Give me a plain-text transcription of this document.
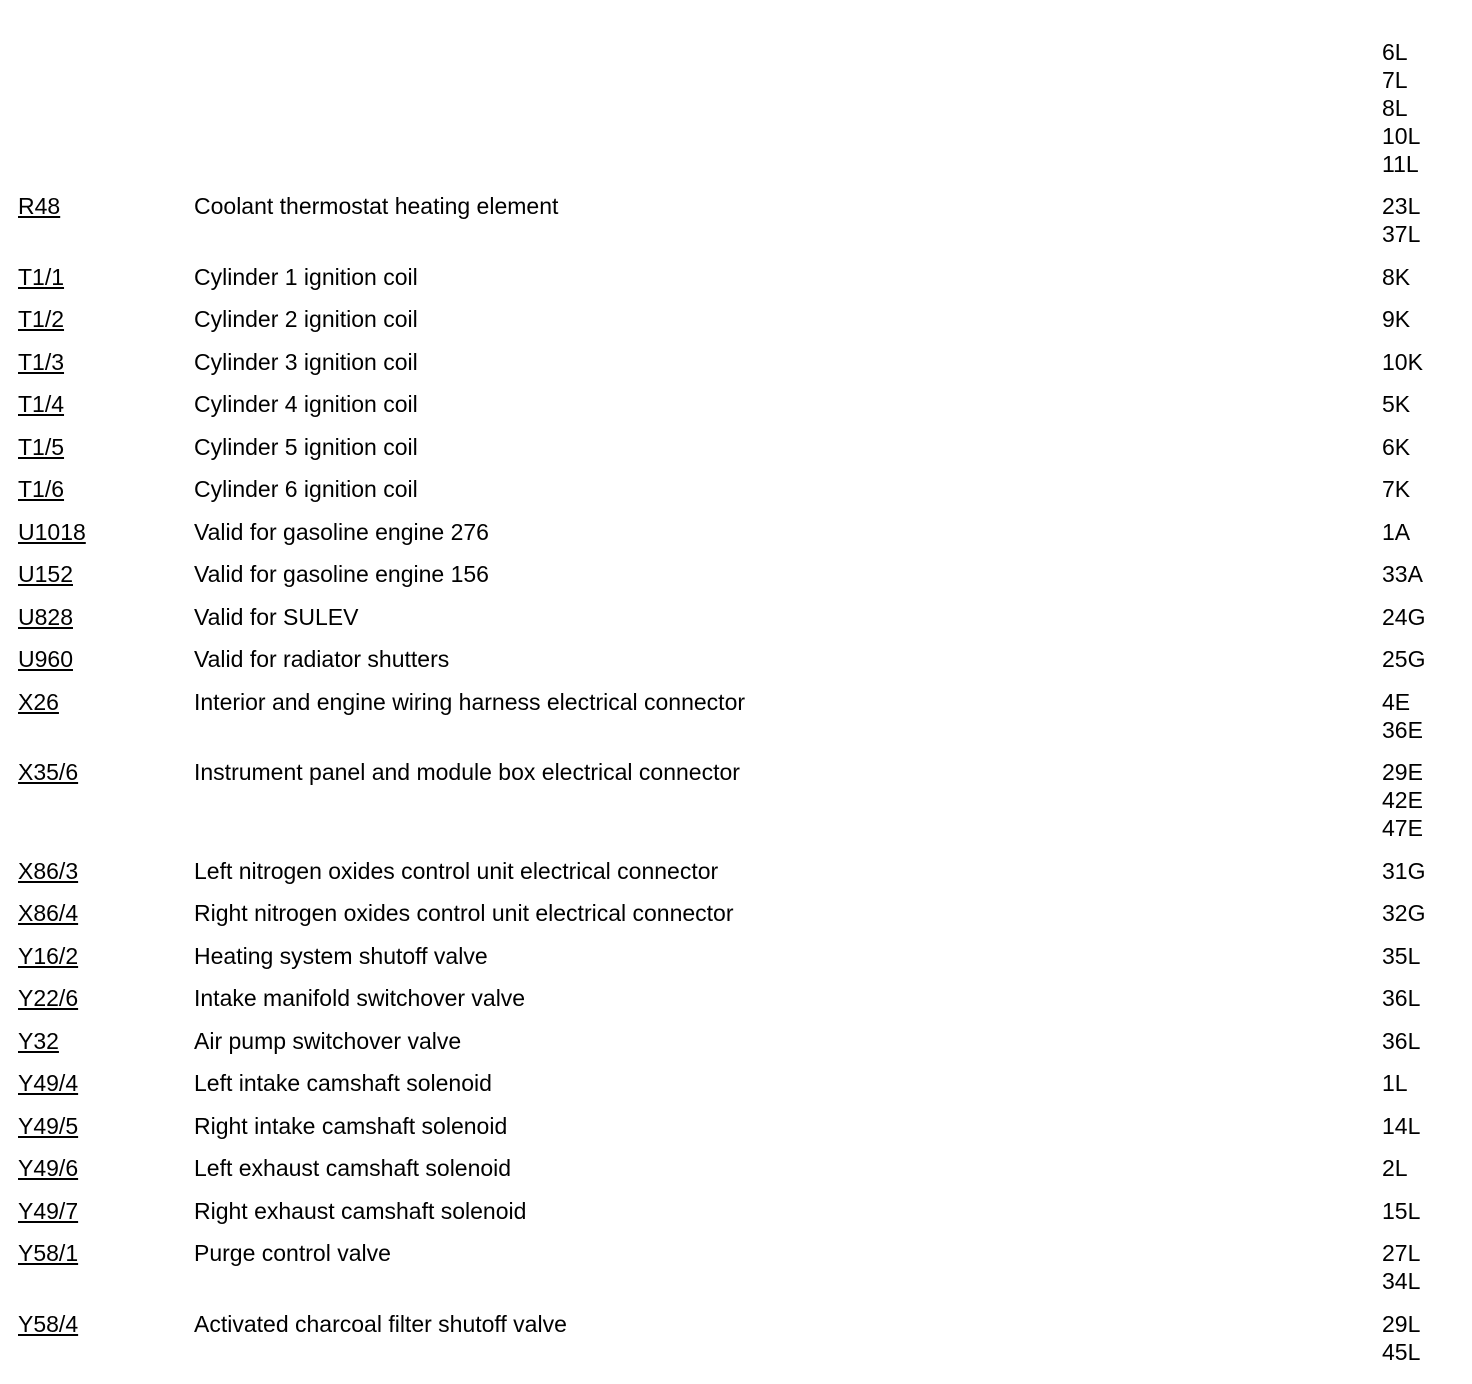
6L
7L
8L
10L
11L
R48	Coolant thermostat heating element	23L
37L
T1/1	Cylinder 1 ignition coil	8K
T1/2	Cylinder 2 ignition coil	9K
T1/3	Cylinder 3 ignition coil	10K
T1/4	Cylinder 4 ignition coil	5K
T1/5	Cylinder 5 ignition coil	6K
T1/6	Cylinder 6 ignition coil	7K
U1018	Valid for gasoline engine 276	1A
U152	Valid for gasoline engine 156	33A
U828	Valid for SULEV	24G
U960	Valid for radiator shutters	25G
X26	Interior and engine wiring harness electrical connector	4E
36E
X35/6	Instrument panel and module box electrical connector	29E
42E
47E
X86/3	Left nitrogen oxides control unit electrical connector	31G
X86/4	Right nitrogen oxides control unit electrical connector	32G
Y16/2	Heating system shutoff valve	35L
Y22/6	Intake manifold switchover valve	36L
Y32	Air pump switchover valve	36L
Y49/4	Left intake camshaft solenoid	1L
Y49/5	Right intake camshaft solenoid	14L
Y49/6	Left exhaust camshaft solenoid	2L
Y49/7	Right exhaust camshaft solenoid	15L
Y58/1	Purge control valve	27L
34L
Y58/4	Activated charcoal filter shutoff valve	29L
45L
